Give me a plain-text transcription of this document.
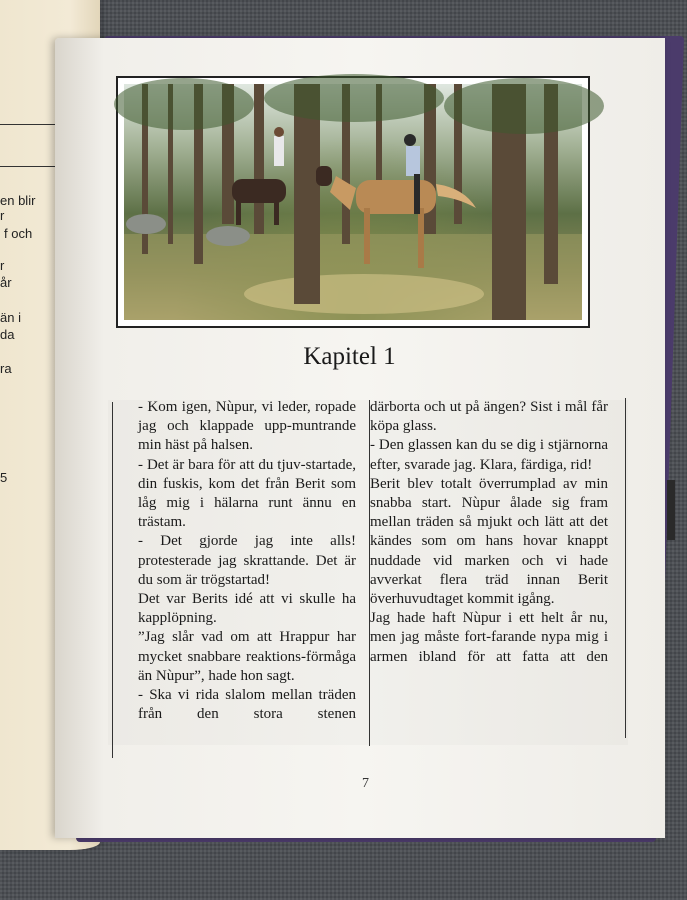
en blir
r
f och
r
år
än i
da
ra
5
Kapitel 1

- Kom igen, Nùpur, vi leder, ropade jag och klappade upp-muntrande min häst på halsen.

- Det är bara för att du tjuv-startade, din fuskis, kom det från Berit som låg mig i hälarna runt ännu en trästam.

- Det gjorde jag inte alls! protesterade jag skrattande. Det är du som är trögstartad!

Det var Berits idé att vi skulle ha kapplöpning.

”Jag slår vad om att Hrappur har mycket snabbare reaktions-förmåga än Nùpur”, hade hon sagt.

- Ska vi rida slalom mellan träden från den stora stenen

därborta och ut på ängen? Sist i mål får köpa glass.

- Den glassen kan du se dig i stjärnorna efter, svarade jag. Klara, färdiga, rid!

Berit blev totalt överrumplad av min snabba start. Nùpur ålade sig fram mellan träden så mjukt och lätt att det kändes som om hans hovar knappt nuddade vid marken och vi hade avverkat flera träd innan Berit överhuvudtaget kommit igång.

Jag hade haft Nùpur i ett helt år nu, men jag måste fort-farande nypa mig i armen ibland för att fatta att den

7
